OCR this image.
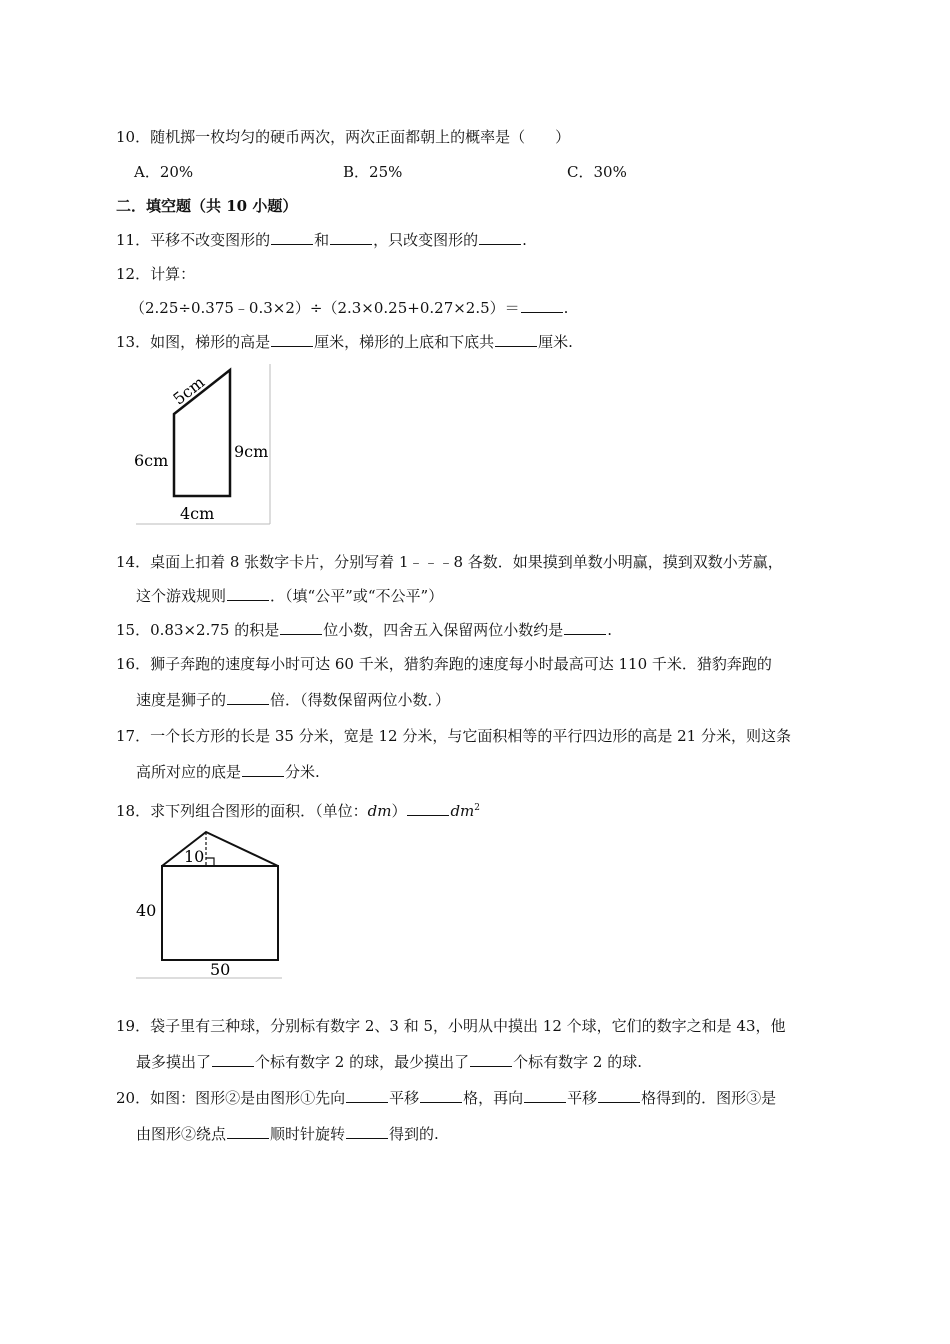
10．随机掷一枚均匀的硬币两次，两次正面都朝上的概率是（　　）
A．20%	B．25%	C．30%
二．填空题（共 10 小题）
11．平移不改变图形的	和	，只改变图形的	.
12．计算：
（2.25÷0.375﹣0.3×2）÷（2.3×0.25+0.27×2.5）＝	.
13．如图，梯形的高是	厘米，梯形的上底和下底共	厘米.
5cm
6cm	9cm
4cm
14．桌面上扣着 8 张数字卡片，分别写着 1﹣﹣﹣8 各数．如果摸到单数小明赢，摸到双数小芳赢，
这个游戏规则	．（填“公平”或“不公平”）
15．0.83×2.75 的积是	位小数，四舍五入保留两位小数约是	.
16．狮子奔跑的速度每小时可达 60 千米，猎豹奔跑的速度每小时最高可达 110 千米．猎豹奔跑的
速度是狮子的	倍．（得数保留两位小数．）
17．一个长方形的长是 35 分米，宽是 12 分米，与它面积相等的平行四边形的高是 21 分米，则这条
高所对应的底是	分米.
18．求下列组合图形的面积．（单位：dm）	$dm^2$
10
40
50
19．袋子里有三种球，分别标有数字 2、3 和 5，小明从中摸出 12 个球，它们的数字之和是 43，他
最多摸出了	个标有数字 2 的球，最少摸出了	个标有数字 2 的球.
20．如图：图形②是由图形①先向	平移	格，再向	平移	格得到的．图形③是
由图形②绕点	顺时针旋转	得到的.
